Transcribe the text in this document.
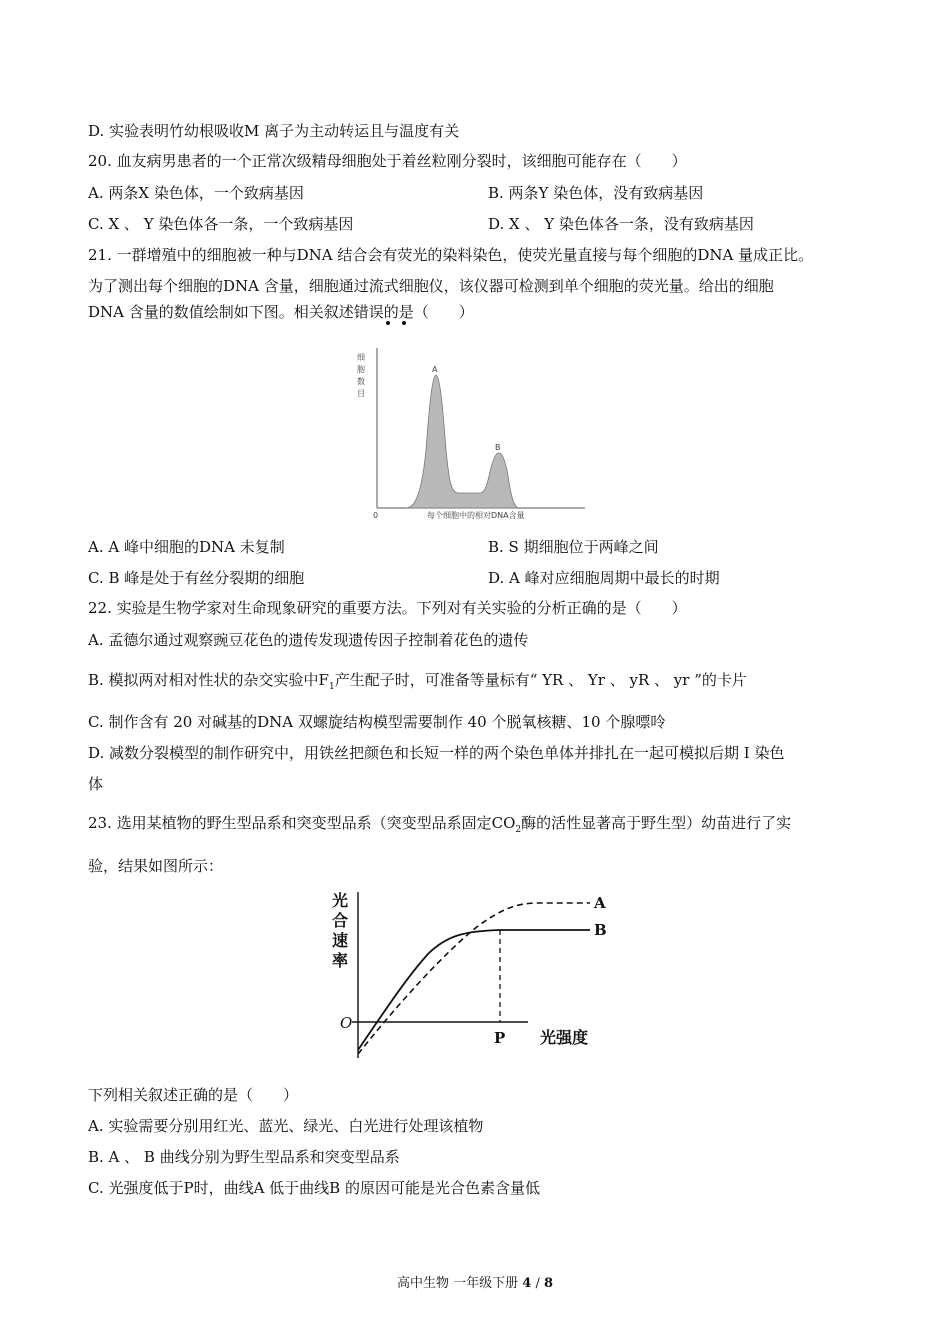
D. 实验表明竹幼根吸收M 离子为主动转运且与温度有关
20. 血友病男患者的一个正常次级精母细胞处于着丝粒刚分裂时，该细胞可能存在（　　）
A. 两条X 染色体，一个致病基因	B. 两条Y 染色体，没有致病基因
C. X 、 Y 染色体各一条，一个致病基因	D. X 、 Y 染色体各一条，没有致病基因
21. 一群增殖中的细胞被一种与DNA 结合会有荧光的染料染色，使荧光量直接与每个细胞的DNA 量成正比。
为了测出每个细胞的DNA 含量，细胞通过流式细胞仪，该仪器可检测到单个细胞的荧光量。给出的细胞
DNA 含量的数值绘制如下图。相关叙述错误的是（　　）
细
胞
数
目
A
B
0	每个细胞中的相对DNA含量
A. A 峰中细胞的DNA 未复制	B. S 期细胞位于两峰之间
C. B 峰是处于有丝分裂期的细胞	D. A 峰对应细胞周期中最长的时期
22. 实验是生物学家对生命现象研究的重要方法。下列对有关实验的分析正确的是（　　）
A. 孟德尔通过观察豌豆花色的遗传发现遗传因子控制着花色的遗传
B. 模拟两对相对性状的杂交实验中$F_1$产生配子时，可准备等量标有“ YR 、 Yr 、 yR 、 yr ”的卡片
C. 制作含有 20 对碱基的DNA 双螺旋结构模型需要制作 40 个脱氧核糖、10 个腺嘌呤
D. 减数分裂模型的制作研究中，用铁丝把颜色和长短一样的两个染色单体并排扎在一起可模拟后期 I 染色
体
23. 选用某植物的野生型品系和突变型品系（突变型品系固定$CO_2$酶的活性显著高于野生型）幼苗进行了实
验，结果如图所示：
光
合
速
率
A
B
P 光强度
O
下列相关叙述正确的是（　　）
A. 实验需要分别用红光、蓝光、绿光、白光进行处理该植物
B. A 、 B 曲线分别为野生型品系和突变型品系
C. 光强度低于P时，曲线A 低于曲线B 的原因可能是光合色素含量低
高中生物 一年级下册 4 / 8
